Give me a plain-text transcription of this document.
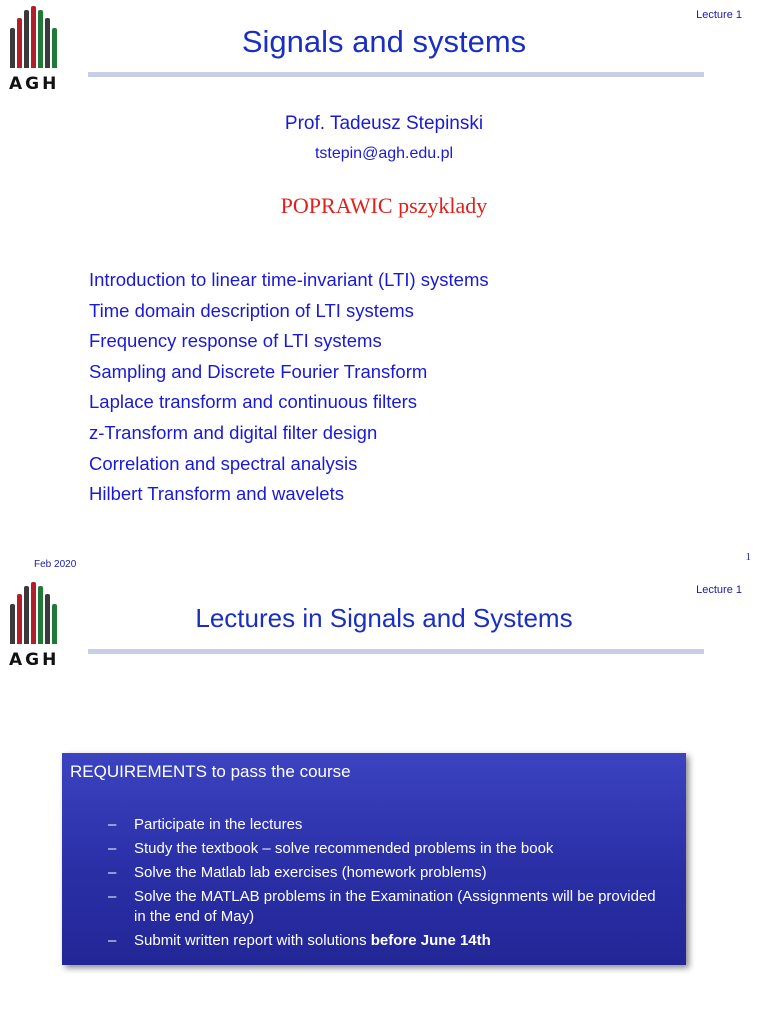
AGH
Lecture 1
Signals and systems
Prof. Tadeusz Stepinski
tstepin@agh.edu.pl
POPRAWIC pszyklady
Introduction to linear time-invariant (LTI) systems
Time domain description of LTI systems
Frequency response of LTI systems
Sampling and Discrete Fourier Transform
Laplace transform and continuous filters
z-Transform and digital filter design
Correlation and spectral analysis
Hilbert Transform and wavelets
Feb 2020
1
AGH
Lecture 1
Lectures in Signals and Systems
REQUIREMENTS to pass the course
– Participate in the lectures
– Study the textbook – solve recommended problems in the book
– Solve the Matlab lab exercises (homework problems)
– Solve the MATLAB problems in the Examination (Assignments will be provided in the end of May)
– Submit written report with solutions before June 14th
